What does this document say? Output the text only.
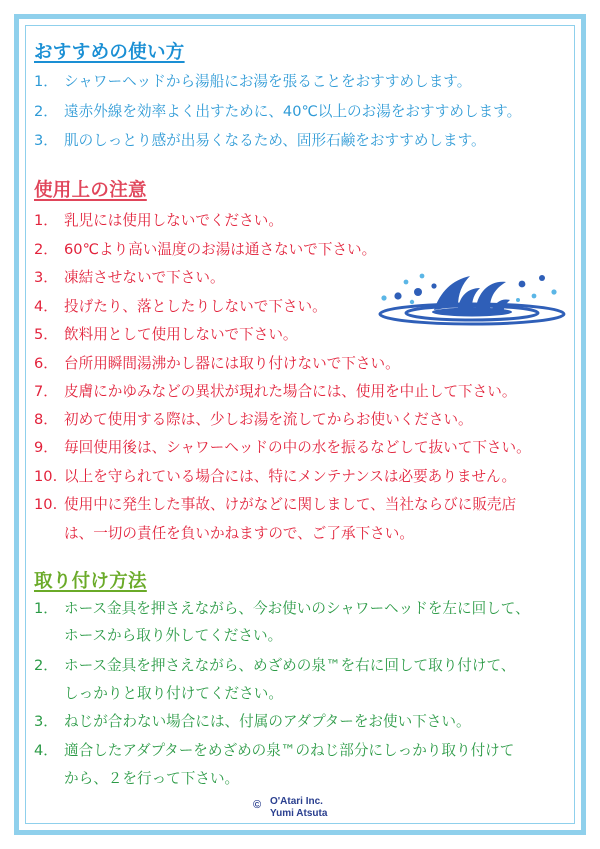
おすすめの使い方
1． シャワーヘッドから湯船にお湯を張ることをおすすめします。
2． 遠赤外線を効率よく出すために、40℃以上のお湯をおすすめします。
3． 肌のしっとり感が出易くなるため、固形石鹸をおすすめします。
使用上の注意
1． 乳児には使用しないでください。
2． 60℃より高い温度のお湯は通さないで下さい。
3． 凍結させないで下さい。
4． 投げたり、落としたりしないで下さい。
5． 飲料用として使用しないで下さい。
6． 台所用瞬間湯沸かし器には取り付けないで下さい。
7． 皮膚にかゆみなどの異状が現れた場合には、使用を中止して下さい。
8． 初めて使用する際は、少しお湯を流してからお使いください。
9． 毎回使用後は、シャワーヘッドの中の水を振るなどして抜いて下さい。
10. 以上を守られている場合には、特にメンテナンスは必要ありません。
10. 使用中に発生した事故、けがなどに関しまして、当社ならびに販売店
は、一切の責任を負いかねますので、ご了承下さい。
取り付け方法
1． ホース金具を押さえながら、今お使いのシャワーヘッドを左に回して、
ホースから取り外してください。
2． ホース金具を押さえながら、めざめの泉™を右に回して取り付けて、
しっかりと取り付けてください。
3． ねじが合わない場合には、付属のアダプターをお使い下さい。
4． 適合したアダプターをめざめの泉™のねじ部分にしっかり取り付けて
から、２を行って下さい。
© O'Atari Inc.
Yumi Atsuta
